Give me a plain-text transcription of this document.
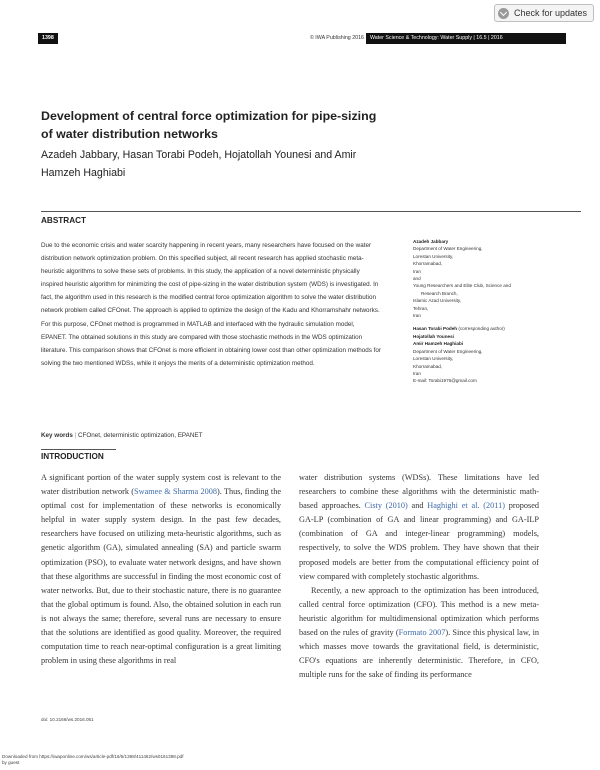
Check for updates
1398	© IWA Publishing 2016	Water Science & Technology: Water Supply | 16.5 | 2016
Development of central force optimization for pipe-sizing of water distribution networks
Azadeh Jabbary, Hasan Torabi Podeh, Hojatollah Younesi and Amir Hamzeh Haghiabi
ABSTRACT
Due to the economic crisis and water scarcity happening in recent years, many researchers have focused on the water distribution network optimization problem. On this specified subject, all recent research has applied stochastic meta-heuristic algorithms to solve these sets of problems. In this study, the application of a novel deterministic physically inspired heuristic algorithm for minimizing the cost of pipe-sizing in the water distribution system (WDS) is investigated. In fact, the algorithm used in this research is the modified central force optimization algorithm to solve the water distribution network problem called CFOnet. The approach is applied to optimize the design of the Kadu and Khorramshahr networks. For this purpose, CFOnet method is programmed in MATLAB and interfaced with the hydraulic simulation model, EPANET. The obtained solutions in this study are compared with those stochastic methods in the WDS optimization literature. This comparison shows that CFOnet is more efficient in obtaining lower cost than other optimization methods for solving the two mentioned WDSs, while it enjoys the merits of a deterministic optimization method.
Key words | CFOnet, deterministic optimization, EPANET
Azadeh Jabbary
Department of Water Engineering,
Lorestan University,
Khorramabad,
Iran
and
Young Researchers and Elite Club, Science and
Research Branch,
Islamic Azad University,
Tehran,
Iran
Hasan Torabi Podeh (corresponding author)
Hojatollah Younesi
Amir Hamzeh Haghiabi
Department of Water Engineering,
Lorestan University,
Khorramabad,
Iran
E-mail: Torabi1976@gmail.com
INTRODUCTION

A significant portion of the water supply system cost is relevant to the water distribution network (Swamee & Sharma 2008). Thus, finding the optimal cost for implementation of these networks is economically helpful in water supply system design. In the past few decades, researchers have focused on utilizing meta-heuristic algorithms, such as genetic algorithm (GA), simulated annealing (SA) and particle swarm optimization (PSO), to evaluate water network designs, and have shown that these algorithms are successful in finding the most economic cost of water networks. But, due to their stochastic nature, there is no guarantee that the global optimum is found. Also, the obtained solution in each run is not always the same; therefore, several runs are necessary to ensure that the solutions are identified as good quality. Moreover, the required computation time to reach near-optimal configuration is a great limiting problem in using these algorithms in real

water distribution systems (WDSs). These limitations have led researchers to combine these algorithms with the deterministic math-based approaches. Cisty (2010) and Haghighi et al. (2011) proposed GA-LP (combination of GA and linear programming) and GA-ILP (combination of GA and integer-linear programming) models, respectively, to solve the WDS problem. They have shown that their proposed models are better from the computational efficiency point of view compared with completely stochastic algorithms.

Recently, a new approach to the optimization has been introduced, called central force optimization (CFO). This method is a new meta-heuristic algorithm for multidimensional optimization which performs based on the rules of gravity (Formato 2007). Since this physical law, in which masses move towards the gravitational field, is deterministic, CFO's equations are inherently deterministic. Therefore, in CFO, multiple runs for the sake of finding its performance

doi: 10.2166/ws.2016.051
Downloaded from https://iwaponline.com/ws/article-pdf/16/5/1398/411462/ws0161398.pdf
by guest
